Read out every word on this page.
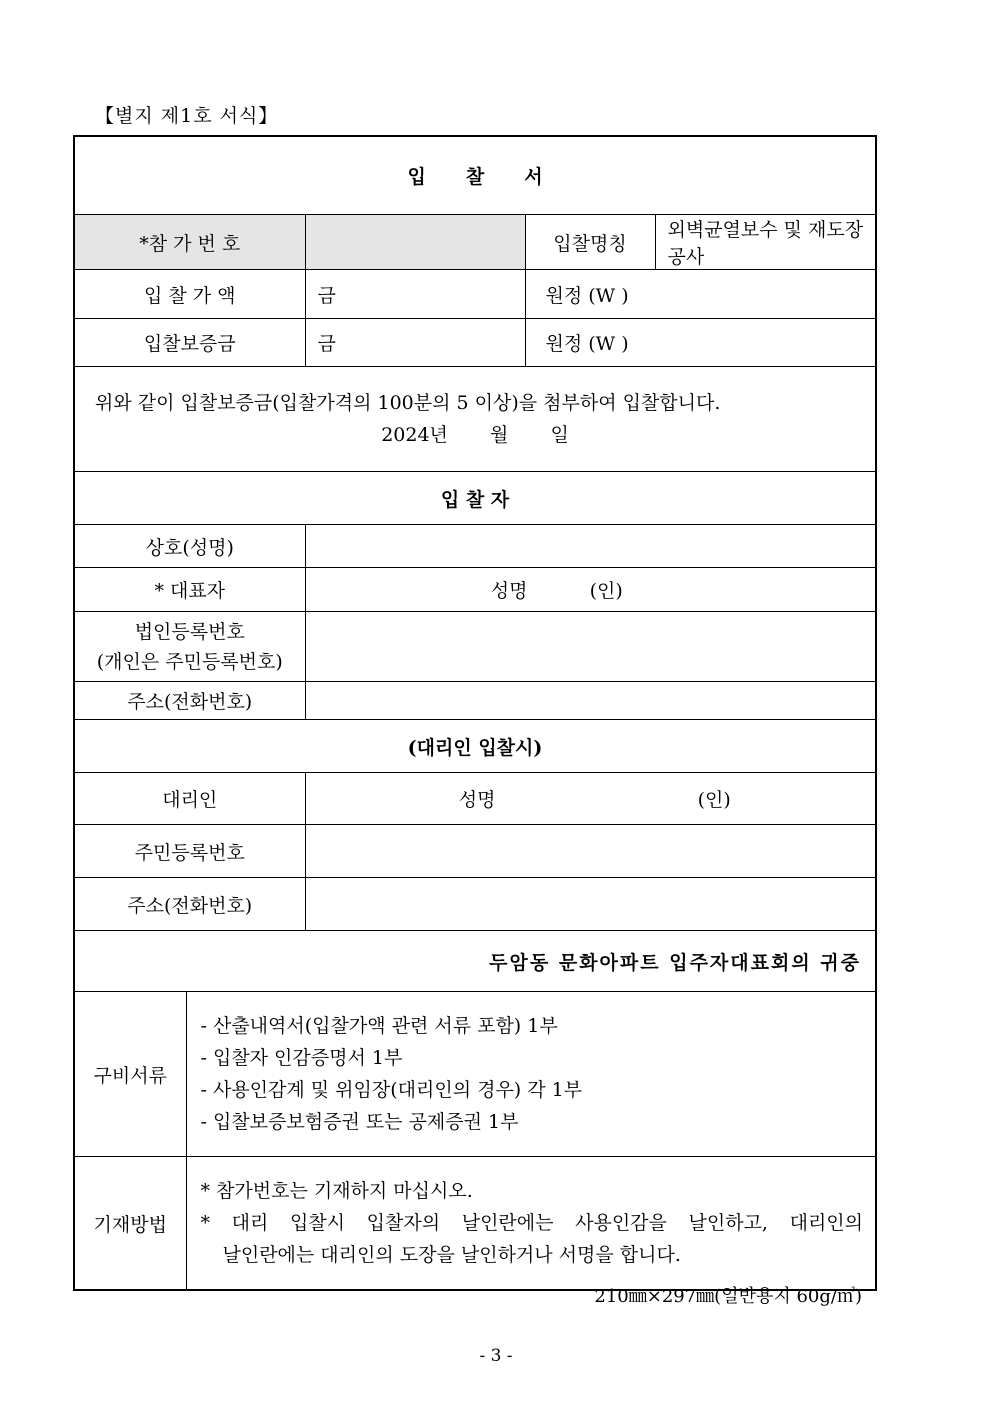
【별지 제1호 서식】
입찰서				
*참 가 번 호			입찰명칭	외벽균열보수 및 재도장공사
입 찰 가 액		금	원정 (W )	
입찰보증금		금	원정 (W )	

위와 같이 입찰보증금(입찰가격의 100분의 5 이상)을 첨부하여 입찰합니다.
2024년 월 일				

입 찰 자				
상호(성명)				
* 대표자		성명 (인)		

법인등록번호
(개인은 주민등록번호)				

주소(전화번호)				
(대리인 입찰시)				
대리인		성명 (인)		
주민등록번호				
주소(전화번호)				
두암동 문화아파트 입주자대표회의 귀중				
구비서류	- 산출내역서(입찰가액 관련 서류 포함) 1부
- 입찰자 인감증명서 1부
- 사용인감계 및 위임장(대리인의 경우) 각 1부
- 입찰보증보험증권 또는 공제증권 1부			

기재방법	* 참가번호는 기재하지 마십시오.
* 대리 입찰시 입찰자의 날인란에는 사용인감을 날인하고, 대리인의
날인란에는 대리인의 도장을 날인하거나 서명을 합니다.			
210㎜×297㎜(일반용지 60g/㎡)
- 3 -
